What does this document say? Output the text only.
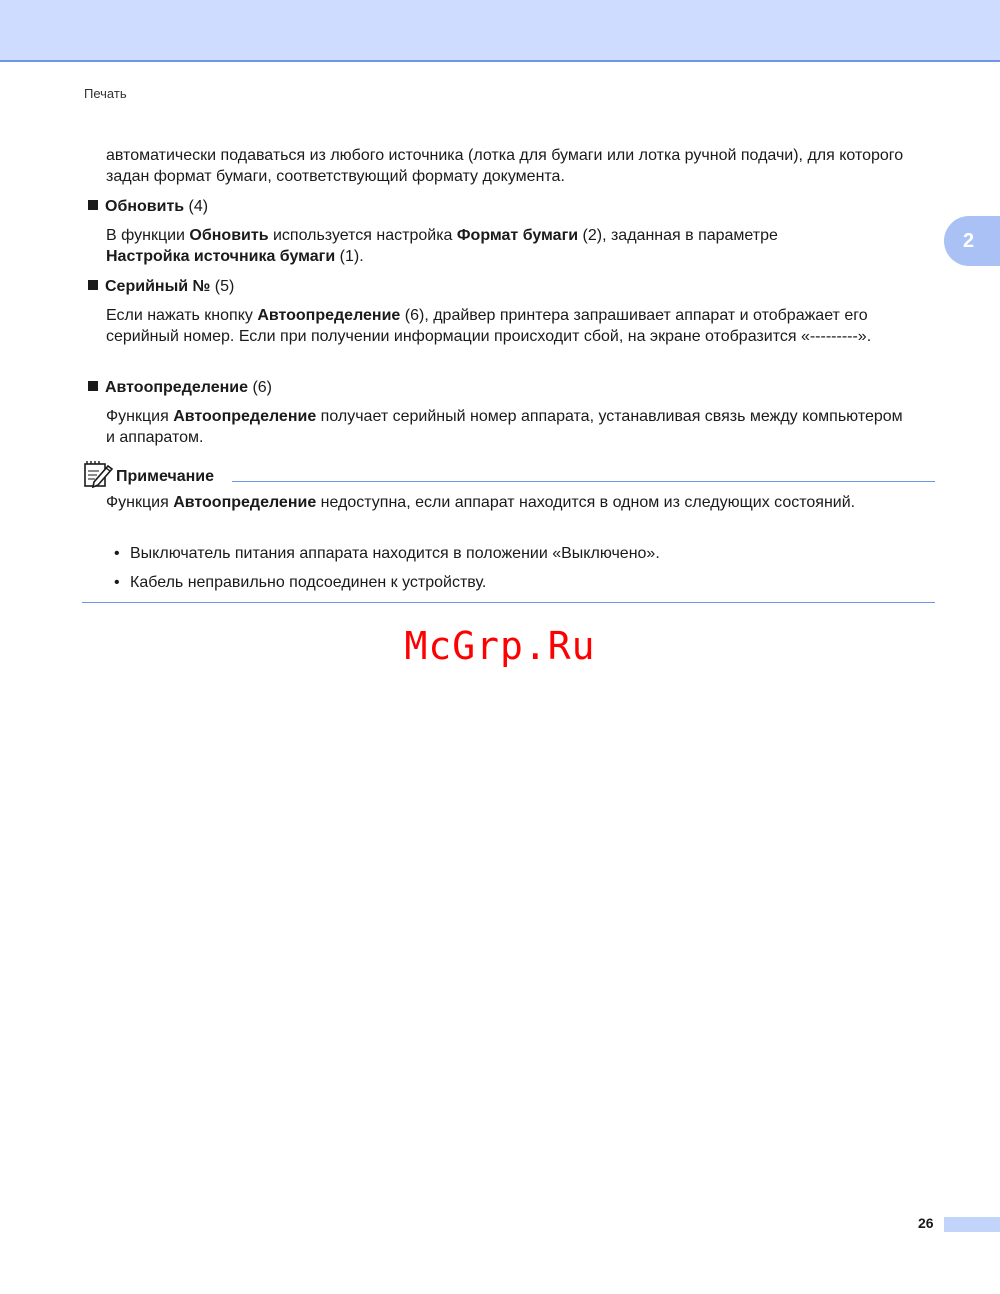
Печать
2
автоматически подаваться из любого источника (лотка для бумаги или лотка ручной подачи), для которого задан формат бумаги, соответствующий формату документа.
Обновить (4)
В функции Обновить используется настройка Формат бумаги (2), заданная в параметре
Настройка источника бумаги (1).
Серийный № (5)
Если нажать кнопку Автоопределение (6), драйвер принтера запрашивает аппарат и отображает его серийный номер. Если при получении информации происходит сбой, на экране отобразится «---------».
Автоопределение (6)
Функция Автоопределение получает серийный номер аппарата, устанавливая связь между компьютером и аппаратом.
Примечание
Функция Автоопределение недоступна, если аппарат находится в одном из следующих состояний.
• Выключатель питания аппарата находится в положении «Выключено».
• Кабель неправильно подсоединен к устройству.
McGrp.Ru
26
